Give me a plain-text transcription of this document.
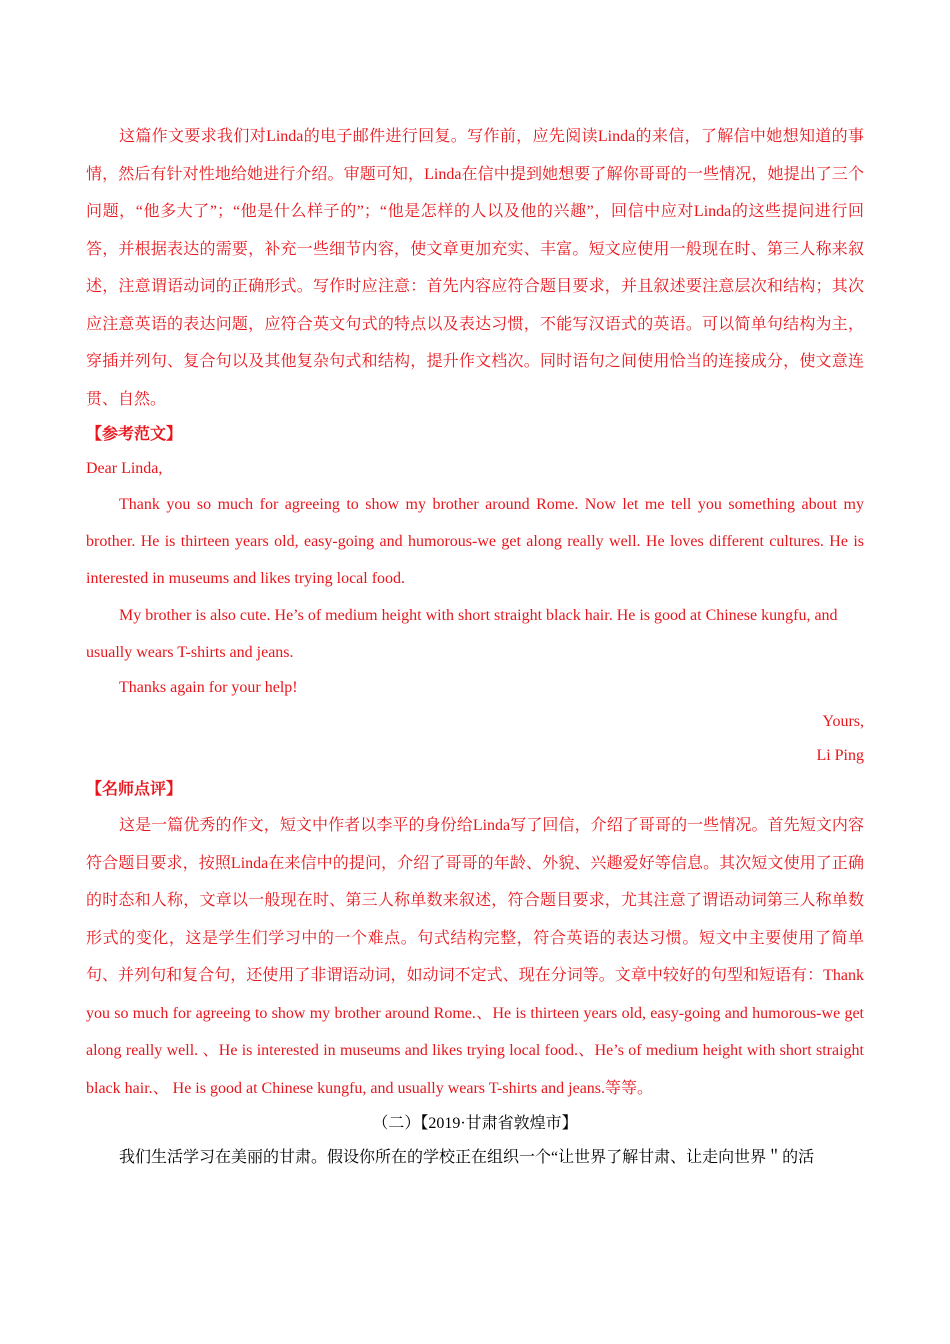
这篇作文要求我们对Linda的电子邮件进行回复。写作前，应先阅读Linda的来信，了解信中她想知道的事情，然后有针对性地给她进行介绍。审题可知，Linda在信中提到她想要了解你哥哥的一些情况，她提出了三个问题，“他多大了”；“他是什么样子的”；“他是怎样的人以及他的兴趣”，回信中应对Linda的这些提问进行回答，并根据表达的需要，补充一些细节内容，使文章更加充实、丰富。短文应使用一般现在时、第三人称来叙述，注意谓语动词的正确形式。写作时应注意：首先内容应符合题目要求，并且叙述要注意层次和结构；其次应注意英语的表达问题，应符合英文句式的特点以及表达习惯，不能写汉语式的英语。可以简单句结构为主，穿插并列句、复合句以及其他复杂句式和结构，提升作文档次。同时语句之间使用恰当的连接成分，使文意连贯、自然。

【参考范文】

Dear Linda,

Thank you so much for agreeing to show my brother around Rome. Now let me tell you something about my brother. He is thirteen years old, easy-going and humorous-we get along really well. He loves different cultures. He is interested in museums and likes trying local food.

My brother is also cute. He’s of medium height with short straight black hair. He is good at Chinese kungfu, and usually wears T-shirts and jeans.

Thanks again for your help!

Yours,

Li Ping

【名师点评】

这是一篇优秀的作文，短文中作者以李平的身份给Linda写了回信，介绍了哥哥的一些情况。首先短文内容符合题目要求，按照Linda在来信中的提问，介绍了哥哥的年龄、外貌、兴趣爱好等信息。其次短文使用了正确的时态和人称，文章以一般现在时、第三人称单数来叙述，符合题目要求，尤其注意了谓语动词第三人称单数形式的变化，这是学生们学习中的一个难点。句式结构完整，符合英语的表达习惯。短文中主要使用了简单句、并列句和复合句，还使用了非谓语动词，如动词不定式、现在分词等。文章中较好的句型和短语有：Thank you so much for agreeing to show my brother around Rome.、He is thirteen years old, easy-going and humorous-we get along really well. 、He is interested in museums and likes trying local food.、He’s of medium height with short straight black hair.、 He is good at Chinese kungfu, and usually wears T-shirts and jeans.等等。

（二）【2019·甘肃省敦煌市】

我们生活学习在美丽的甘肃。假设你所在的学校正在组织一个“让世界了解甘肃、让走向世界＂的活
